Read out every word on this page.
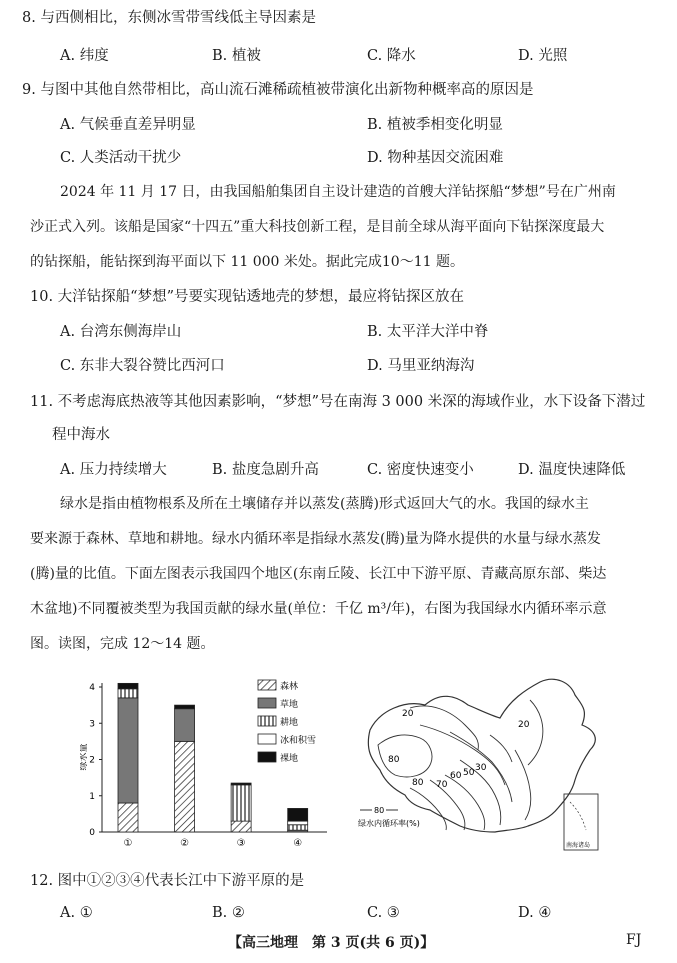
8. 与西侧相比，东侧冰雪带雪线低主导因素是
A. 纬度	B. 植被	C. 降水	D. 光照
9. 与图中其他自然带相比，高山流石滩稀疏植被带演化出新物种概率高的原因是
A. 气候垂直差异明显	B. 植被季相变化明显
C. 人类活动干扰少	D. 物种基因交流困难
2024 年 11 月 17 日，由我国船舶集团自主设计建造的首艘大洋钻探船“梦想”号在广州南
沙正式入列。该船是国家“十四五”重大科技创新工程，是目前全球从海平面向下钻探深度最大
的钻探船，能钻探到海平面以下 11 000 米处。据此完成10～11 题。
10. 大洋钻探船“梦想”号要实现钻透地壳的梦想，最应将钻探区放在
A. 台湾东侧海岸山	B. 太平洋大洋中脊
C. 东非大裂谷赞比西河口	D. 马里亚纳海沟
11. 不考虑海底热液等其他因素影响，“梦想”号在南海 3 000 米深的海域作业，水下设备下潜过
程中海水
A. 压力持续增大	B. 盐度急剧升高	C. 密度快速变小	D. 温度快速降低
绿水是指由植物根系及所在土壤储存并以蒸发(蒸腾)形式返回大气的水。我国的绿水主
要来源于森林、草地和耕地。绿水内循环率是指绿水蒸发(腾)量为降水提供的水量与绿水蒸发
(腾)量的比值。下面左图表示我国四个地区(东南丘陵、长江中下游平原、青藏高原东部、柴达
木盆地)不同覆被类型为我国贡献的绿水量(单位：千亿 m³/年)，右图为我国绿水内循环率示意
图。读图，完成 12～14 题。
0
1
2
3
4
绿水量
①	②	③	④
森林
草地
耕地
冰和积雪
裸地
20
20
80
80
30
70
60 50
80
绿水内循环率(%)
南海诸岛
12. 图中①②③④代表长江中下游平原的是
A. ①	B. ②	C. ③	D. ④
【高三地理　第 3 页(共 6 页)】	FJ
